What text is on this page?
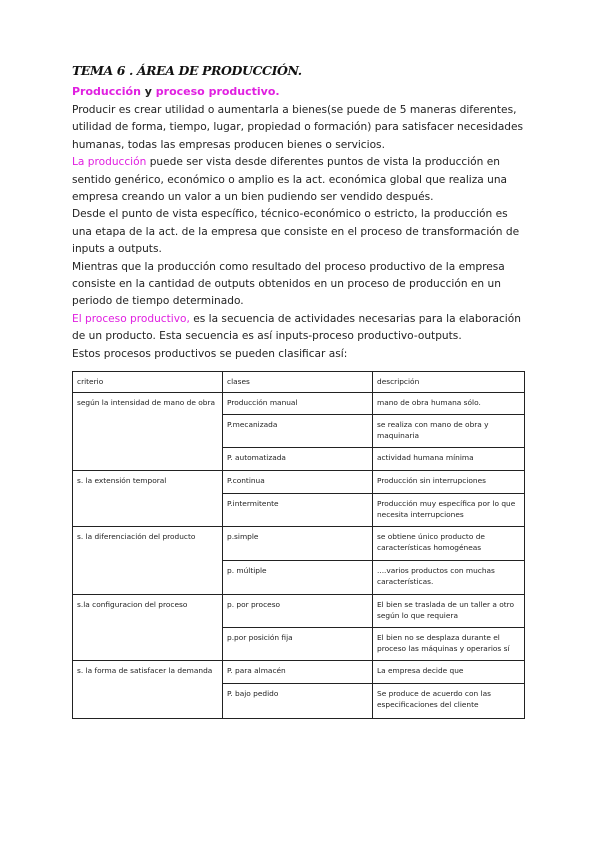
TEMA 6 . ÁREA DE PRODUCCIÓN.
Producción y proceso productivo.

Producir es crear utilidad o aumentarla a bienes(se puede de 5 maneras diferentes, utilidad de forma, tiempo, lugar, propiedad o formación) para satisfacer necesidades humanas, todas las empresas producen bienes o servicios.

La producción puede ser vista desde diferentes puntos de vista la producción en sentido genérico, económico o amplio es la act. económica global que realiza una empresa creando un valor a un bien pudiendo ser vendido después.

Desde el punto de vista específico, técnico-económico o estricto, la producción es una etapa de la act. de la empresa que consiste en el proceso de transformación de inputs a outputs.

Mientras que la producción como resultado del proceso productivo de la empresa consiste en la cantidad de outputs obtenidos en un proceso de producción en un periodo de tiempo determinado.

El proceso productivo, es la secuencia de actividades necesarias para la elaboración de un producto. Esta secuencia es así inputs-proceso productivo-outputs.

Estos procesos productivos se pueden clasificar así:

criterio	clases	descripción
según la intensidad de mano de obra	Producción manual	mano de obra humana sólo.
	P.mecanizada	se realiza con mano de obra y maquinaria
	P. automatizada	actividad humana mínima
s. la extensión temporal	P.continua	Producción sin interrupciones
	P.intermitente	Producción muy específica por lo que necesita interrupciones
s. la diferenciación del producto	p.simple	se obtiene único producto de características homogéneas
	p. múltiple	....varios productos con muchas características.
s.la configuracion del proceso	p. por proceso	El bien se traslada de un taller a otro según lo que requiera
	p.por posición fija	El bien no se desplaza durante el proceso las máquinas y operarios sí
s. la forma de satisfacer la demanda	P. para almacén	La empresa decide que
	P. bajo pedido	Se produce de acuerdo con las especificaciones del cliente
